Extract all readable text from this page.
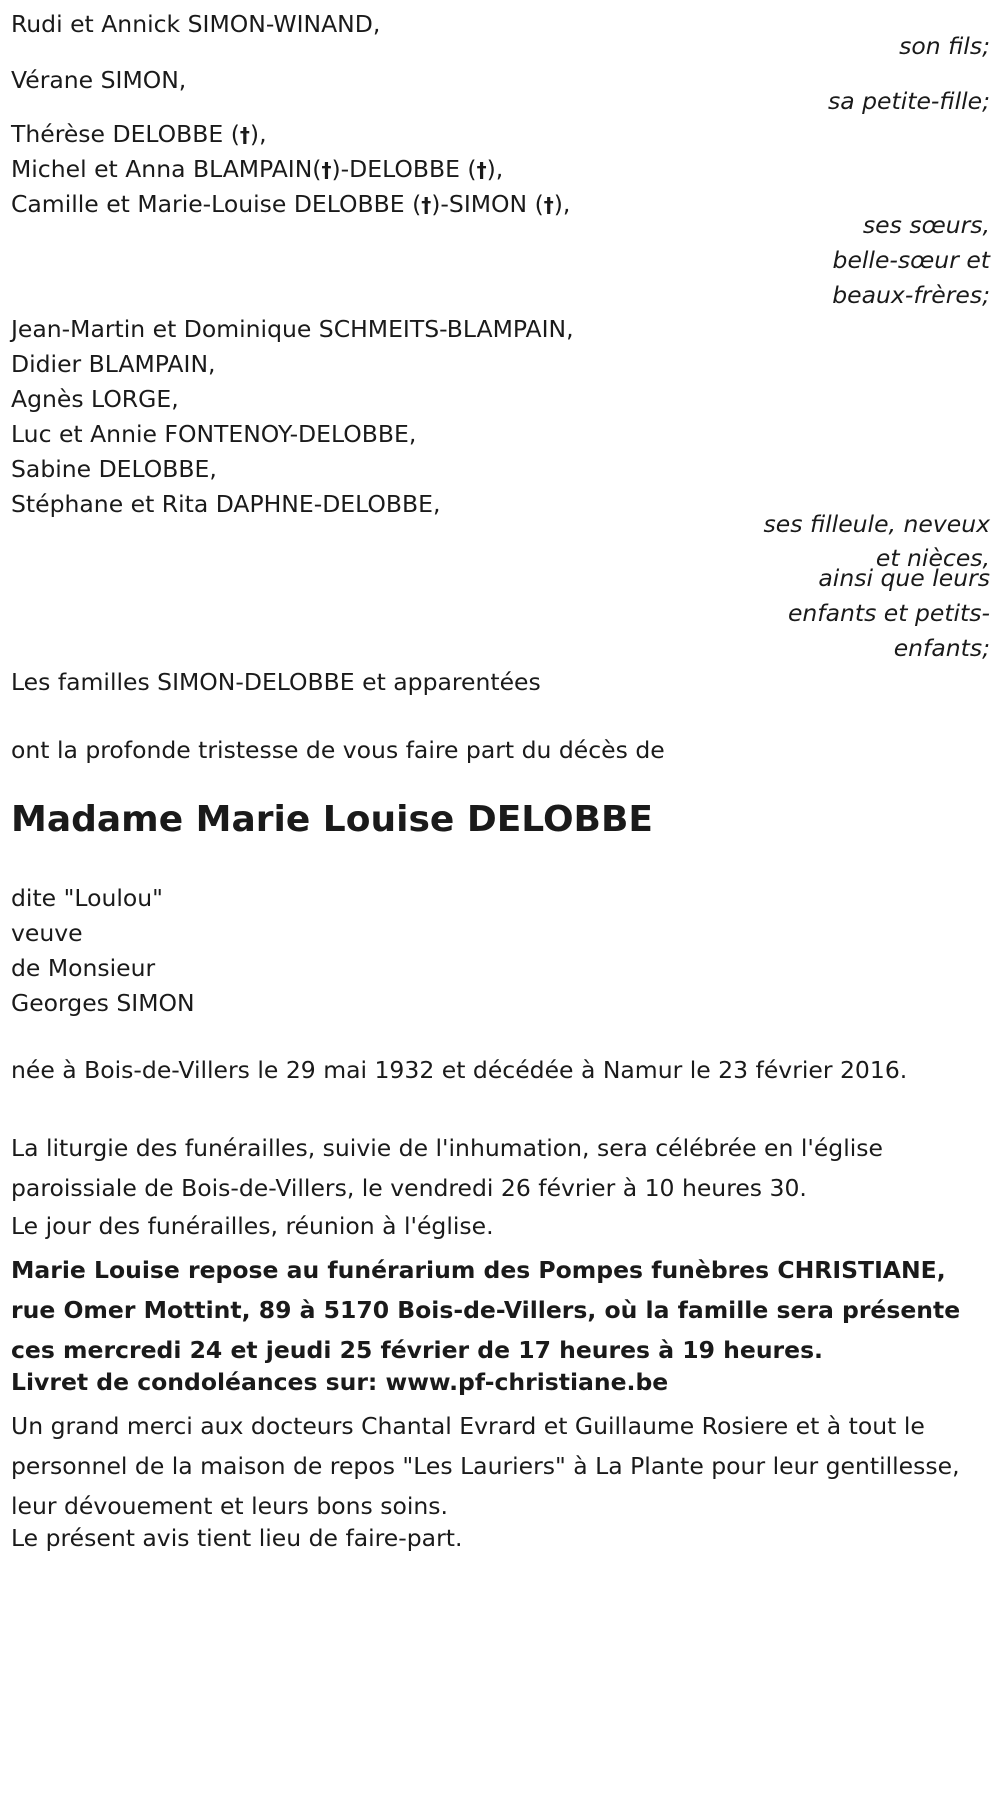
Rudi et Annick SIMON-WINAND,
son fils;
Vérane SIMON,
sa petite-fille;
Thérèse DELOBBE (†),
Michel et Anna BLAMPAIN(†)-DELOBBE (†),
Camille et Marie-Louise DELOBBE (†)-SIMON (†),
ses sœurs,
belle-sœur et
beaux-frères;
Jean-Martin et Dominique SCHMEITS-BLAMPAIN,
Didier BLAMPAIN,
Agnès LORGE,
Luc et Annie FONTENOY-DELOBBE,
Sabine DELOBBE,
Stéphane et Rita DAPHNE-DELOBBE,
ses filleule, neveux
et nièces,
ainsi que leurs
enfants et petits-
enfants;
Les familles SIMON-DELOBBE et apparentées
ont la profonde tristesse de vous faire part du décès de
Madame Marie Louise DELOBBE
dite "Loulou"
veuve
de Monsieur
Georges SIMON
née à Bois-de-Villers le 29 mai 1932 et décédée à Namur le 23 février 2016.
La liturgie des funérailles, suivie de l'inhumation, sera célébrée en l'église paroissiale de Bois-de-Villers, le vendredi 26 février à 10 heures 30.
Le jour des funérailles, réunion à l'église.
Marie Louise repose au funérarium des Pompes funèbres CHRISTIANE, rue Omer Mottint, 89 à 5170 Bois-de-Villers, où la famille sera présente ces mercredi 24 et jeudi 25 février de 17 heures à 19 heures.
Livret de condoléances sur: www.pf-christiane.be
Un grand merci aux docteurs Chantal Evrard et Guillaume Rosiere et à tout le personnel de la maison de repos "Les Lauriers" à La Plante pour leur gentillesse, leur dévouement et leurs bons soins.
Le présent avis tient lieu de faire-part.
